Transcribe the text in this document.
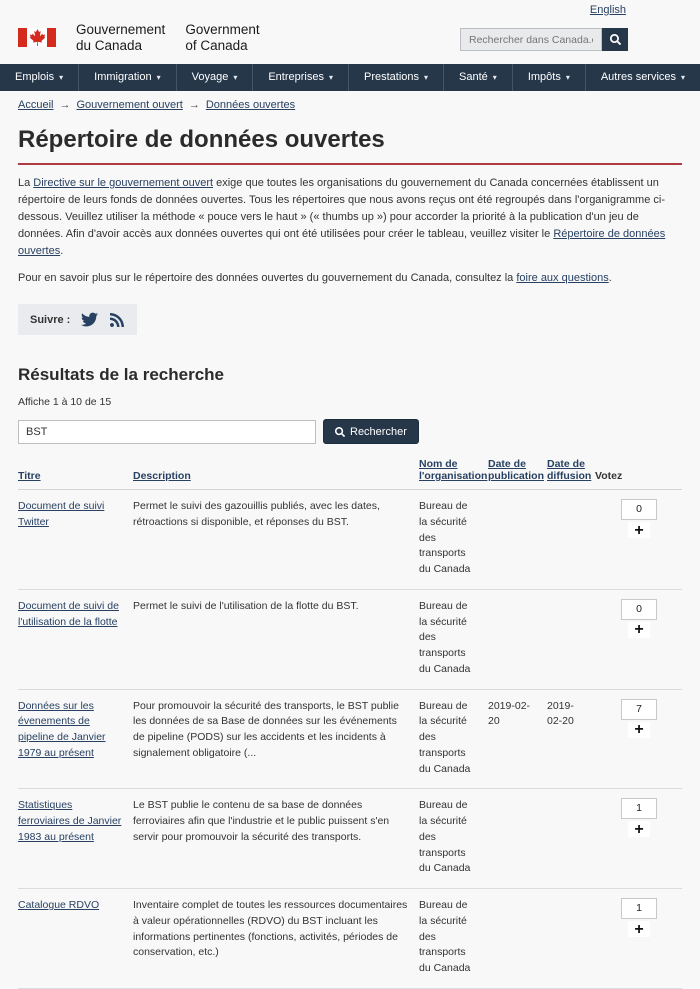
English
Gouvernement
du Canada
Government
of Canada
Rechercher dans Canada.ca
Emplois ▾	Immigration ▾	Voyage ▾	Entreprises ▾	Prestations ▾	Santé ▾	Impôts ▾	Autres services ▾
Accueil → Gouvernement ouvert → Données ouvertes
Répertoire de données ouvertes

La Directive sur le gouvernement ouvert exige que toutes les organisations du gouvernement du Canada concernées établissent un répertoire de leurs fonds de données ouvertes. Tous les répertoires que nous avons reçus ont été regroupés dans l'organigramme ci-dessous. Veuillez utiliser la méthode « pouce vers le haut » (« thumbs up ») pour accorder la priorité à la publication d'un jeu de données. Afin d'avoir accès aux données ouvertes qui ont été utilisées pour créer le tableau, veuillez visiter le Répertoire de données ouvertes.

Pour en savoir plus sur le répertoire des données ouvertes du gouvernement du Canada, consultez la foire aux questions.

Suivre :
Résultats de la recherche
Affiche 1 à 10 de 15
BST
Rechercher
Titre	Description	Nom de l'organisation	Date de publication	Date de diffusion	Votez
Document de suivi Twitter	Permet le suivi des gazouillis publiés, avec les dates, rétroactions si disponible, et réponses du BST.	Bureau de la sécurité des transports du Canada			0
+

Document de suivi de l'utilisation de la flotte	Permet le suivi de l'utilisation de la flotte du BST.	Bureau de la sécurité des transports du Canada			0
+

Données sur les évenements de pipeline de Janvier 1979 au présent	Pour promouvoir la sécurité des transports, le BST publie les données de sa Base de données sur les événements de pipeline (PODS) sur les accidents et les incidents à signalement obligatoire (...	Bureau de la sécurité des transports du Canada	2019-02-20	2019-02-20	7
+

Statistiques ferroviaires de Janvier 1983 au présent	Le BST publie le contenu de sa base de données ferroviaires afin que l'industrie et le public puissent s'en servir pour promouvoir la sécurité des transports.	Bureau de la sécurité des transports du Canada			1
+

Catalogue RDVO	Inventaire complet de toutes les ressources documentaires à valeur opérationnelles (RDVO) du BST incluant les informations pertinentes (fonctions, activités, périodes de conservation, etc.)	Bureau de la sécurité des transports du Canada			1
+
